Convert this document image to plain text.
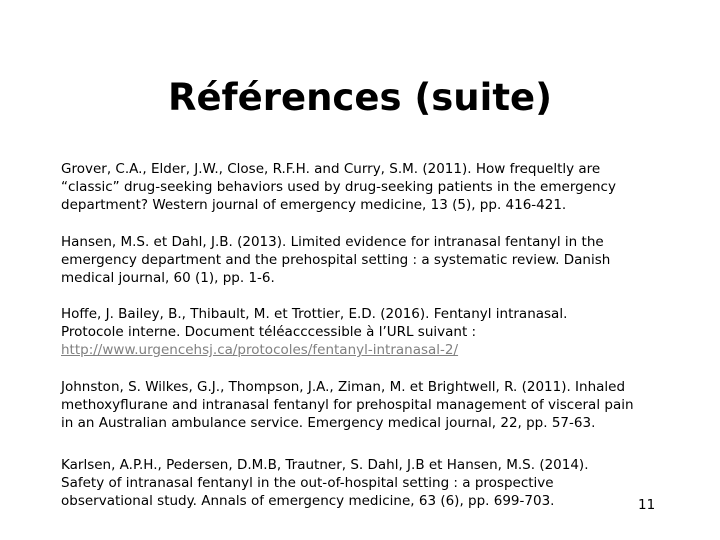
Références (suite)

Grover, C.A., Elder, J.W., Close, R.F.H. and Curry, S.M. (2011). How frequeltly are
“classic” drug-seeking behaviors used by drug-seeking patients in the emergency
department? Western journal of emergency medicine, 13 (5), pp. 416-421.

Hansen, M.S. et Dahl, J.B. (2013). Limited evidence for intranasal fentanyl in the
emergency department and the prehospital setting : a systematic review. Danish
medical journal, 60 (1), pp. 1-6.

Hoffe, J. Bailey, B., Thibault, M. et Trottier, E.D. (2016). Fentanyl intranasal.
Protocole interne. Document téléacccessible à l’URL suivant :
http://www.urgencehsj.ca/protocoles/fentanyl-intranasal-2/

Johnston, S. Wilkes, G.J., Thompson, J.A., Ziman, M. et Brightwell, R. (2011). Inhaled
methoxyflurane and intranasal fentanyl for prehospital management of visceral pain
in an Australian ambulance service. Emergency medical journal, 22, pp. 57-63.

Karlsen, A.P.H., Pedersen, D.M.B, Trautner, S. Dahl, J.B et Hansen, M.S. (2014).
Safety of intranasal fentanyl in the out-of-hospital setting : a prospective
observational study. Annals of emergency medicine, 63 (6), pp. 699-703.	11
